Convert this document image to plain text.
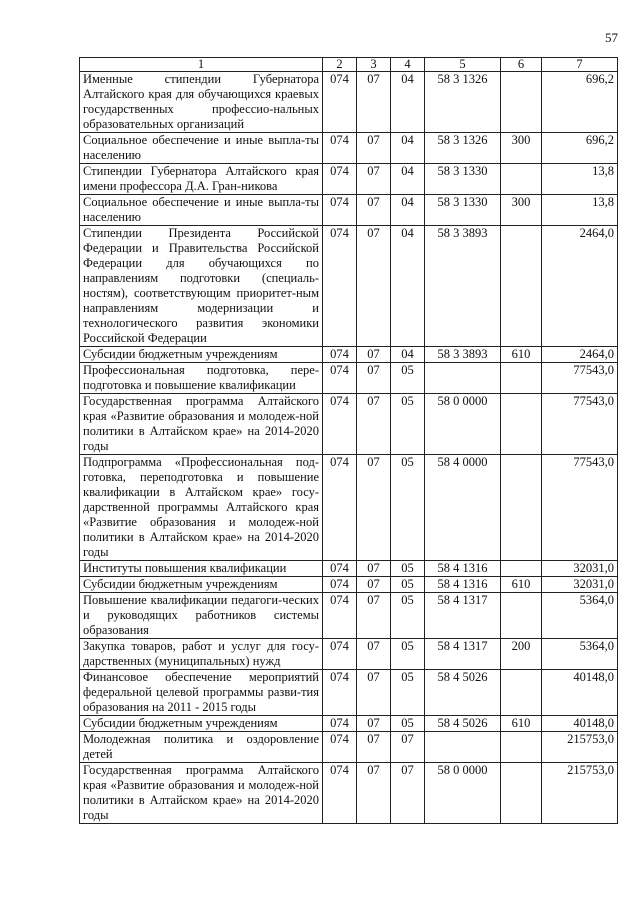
57
1	2	3	4	5	6	7
Именные стипендии Губернатора Алтайского края для обучающихся краевых государственных профессио-нальных образовательных организаций	074	07	04	58 3 1326		696,2
Социальное обеспечение и иные выпла-ты населению	074	07	04	58 3 1326	300	696,2
Стипендии Губернатора Алтайского края имени профессора Д.А. Гран-никова	074	07	04	58 3 1330		13,8
Социальное обеспечение и иные выпла-ты населению	074	07	04	58 3 1330	300	13,8
Стипендии Президента Российской Федерации и Правительства Российской Федерации для обучающихся по направлениям подготовки (специаль-ностям), соответствующим приоритет-ным направлениям модернизации и технологического развития экономики Российской Федерации	074	07	04	58 3 3893		2464,0
Субсидии бюджетным учреждениям	074	07	04	58 3 3893	610	2464,0
Профессиональная подготовка, пере-подготовка и повышение квалификации	074	07	05			77543,0
Государственная программа Алтайского края «Развитие образования и молодеж-ной политики в Алтайском крае» на 2014-2020 годы	074	07	05	58 0 0000		77543,0
Подпрограмма «Профессиональная под-готовка, переподготовка и повышение квалификации в Алтайском крае» госу-дарственной программы Алтайского края «Развитие образования и молодеж-ной политики в Алтайском крае» на 2014-2020 годы	074	07	05	58 4 0000		77543,0
Институты повышения квалификации	074	07	05	58 4 1316		32031,0
Субсидии бюджетным учреждениям	074	07	05	58 4 1316	610	32031,0
Повышение квалификации педагоги-ческих и руководящих работников системы образования	074	07	05	58 4 1317		5364,0
Закупка товаров, работ и услуг для госу-дарственных (муниципальных) нужд	074	07	05	58 4 1317	200	5364,0
Финансовое обеспечение мероприятий федеральной целевой программы разви-тия образования на 2011 - 2015 годы	074	07	05	58 4 5026		40148,0
Субсидии бюджетным учреждениям	074	07	05	58 4 5026	610	40148,0
Молодежная политика и оздоровление детей	074	07	07			215753,0
Государственная программа Алтайского края «Развитие образования и молодеж-ной политики в Алтайском крае» на 2014-2020 годы	074	07	07	58 0 0000		215753,0
